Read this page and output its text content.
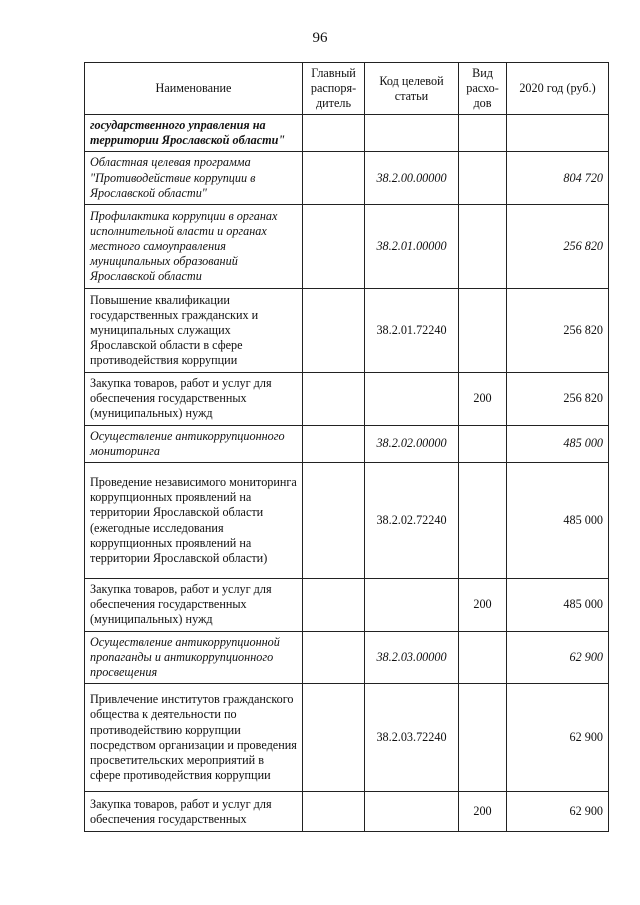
96
Наименование	Главный распоря-дитель	Код целевой статьи	Вид расхо-дов	2020 год (руб.)
государственного управления на территории Ярославской области"				
Областная целевая программа "Противодействие коррупции в Ярославской области"		38.2.00.00000		804 720
Профилактика коррупции в органах исполнительной власти и органах местного самоуправления муниципальных образований Ярославской области		38.2.01.00000		256 820
Повышение квалификации государственных гражданских и муниципальных служащих Ярославской области в сфере противодействия коррупции		38.2.01.72240		256 820
Закупка товаров, работ и услуг для обеспечения государственных (муниципальных) нужд			200	256 820
Осуществление антикоррупционного мониторинга		38.2.02.00000		485 000
Проведение независимого мониторинга коррупционных проявлений на территории Ярославской области (ежегодные исследования коррупционных проявлений на территории Ярославской области)		38.2.02.72240		485 000
Закупка товаров, работ и услуг для обеспечения государственных (муниципальных) нужд			200	485 000
Осуществление антикоррупционной пропаганды и антикоррупционного просвещения		38.2.03.00000		62 900
Привлечение институтов гражданского общества к деятельности по противодействию коррупции посредством организации и проведения просветительских мероприятий в сфере противодействия коррупции		38.2.03.72240		62 900
Закупка товаров, работ и услуг для обеспечения государственных			200	62 900
